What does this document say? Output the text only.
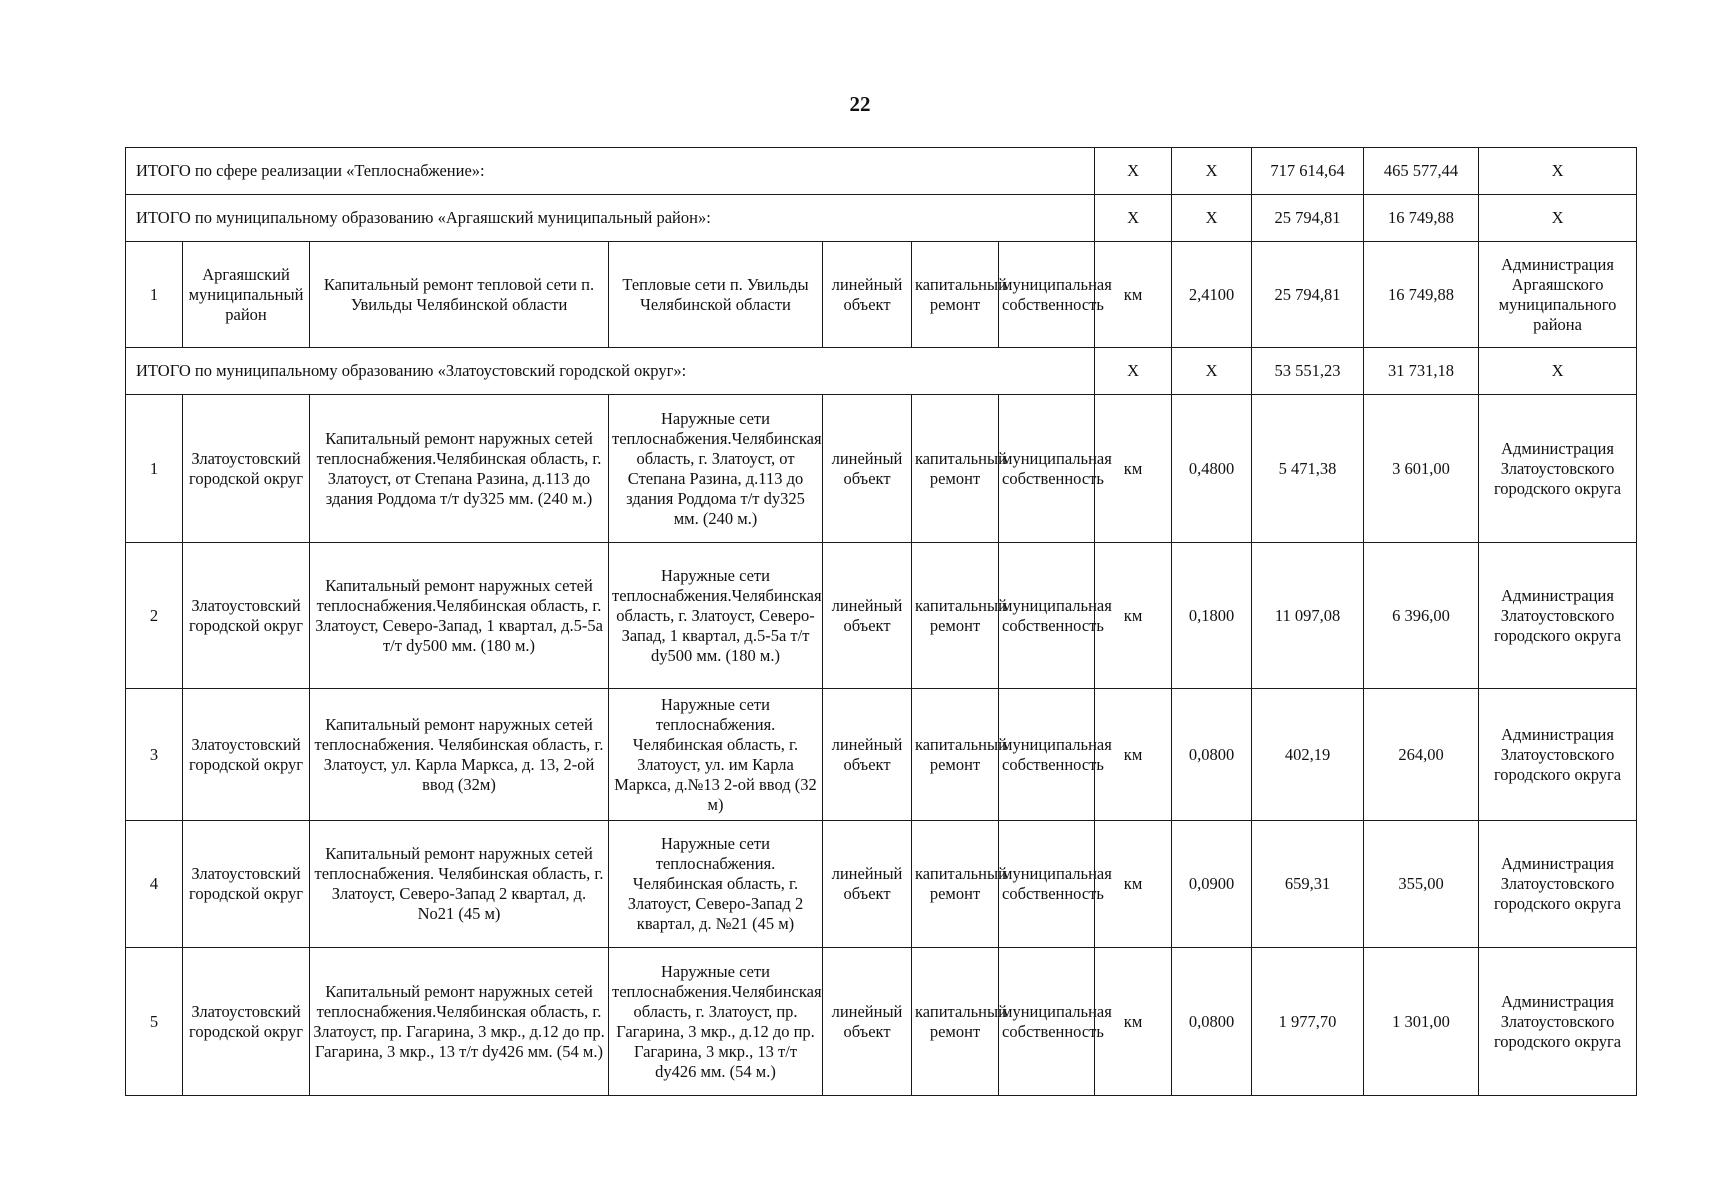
22
ИТОГО по сфере реализации «Теплоснабжение»:							X	X	717 614,64	465 577,44	X
ИТОГО по муниципальному образованию «Аргаяшский муниципальный район»:							X	X	25 794,81	16 749,88	X
1	Аргаяшский муниципальный район	Капитальный ремонт тепловой сети п. Увильды Челябинской области	Тепловые сети п. Увильды Челябинской области	линейный объект	капитальный ремонт	муниципальная собственность	км	2,4100	25 794,81	16 749,88	Администрация Аргаяшского муниципального района
ИТОГО по муниципальному образованию «Златоустовский городской округ»:							X	X	53 551,23	31 731,18	X
1	Златоустовский городской округ	Капитальный ремонт наружных сетей теплоснабжения.Челябинская область, г. Златоуст, от Степана Разина, д.113 до здания Роддома т/т dу325 мм. (240 м.)	Наружные сети теплоснабжения.Челябинская область, г. Златоуст, от Степана Разина, д.113 до здания Роддома т/т dу325 мм. (240 м.)	линейный объект	капитальный ремонт	муниципальная собственность	км	0,4800	5 471,38	3 601,00	Администрация Златоустовского городского округа
2	Златоустовский городской округ	Капитальный ремонт наружных сетей теплоснабжения.Челябинская область, г. Златоуст, Северо-Запад, 1 квартал, д.5-5а т/т dу500 мм. (180 м.)	Наружные сети теплоснабжения.Челябинская область, г. Златоуст, Северо-Запад, 1 квартал, д.5-5а т/т dу500 мм. (180 м.)	линейный объект	капитальный ремонт	муниципальная собственность	км	0,1800	11 097,08	6 396,00	Администрация Златоустовского городского округа
3	Златоустовский городской округ	Капитальный ремонт наружных сетей теплоснабжения. Челябинская область, г. Златоуст, ул. Карла Маркса, д. 13, 2-ой ввод (32м)	Наружные сети теплоснабжения. Челябинская область, г. Златоуст, ул. им Карла Маркса, д.№13 2-ой ввод (32 м)	линейный объект	капитальный ремонт	муниципальная собственность	км	0,0800	402,19	264,00	Администрация Златоустовского городского округа
4	Златоустовский городской округ	Капитальный ремонт наружных сетей теплоснабжения. Челябинская область, г. Златоуст, Северо-Запад 2 квартал, д. No21 (45 м)	Наружные сети теплоснабжения. Челябинская область, г. Златоуст, Северо-Запад 2 квартал, д. №21 (45 м)	линейный объект	капитальный ремонт	муниципальная собственность	км	0,0900	659,31	355,00	Администрация Златоустовского городского округа
5	Златоустовский городской округ	Капитальный ремонт наружных сетей теплоснабжения.Челябинская область, г. Златоуст, пр. Гагарина, 3 мкр., д.12 до пр. Гагарина, 3 мкр., 13 т/т dу426 мм. (54 м.)	Наружные сети теплоснабжения.Челябинская область, г. Златоуст, пр. Гагарина, 3 мкр., д.12 до пр. Гагарина, 3 мкр., 13 т/т dу426 мм. (54 м.)	линейный объект	капитальный ремонт	муниципальная собственность	км	0,0800	1 977,70	1 301,00	Администрация Златоустовского городского округа
